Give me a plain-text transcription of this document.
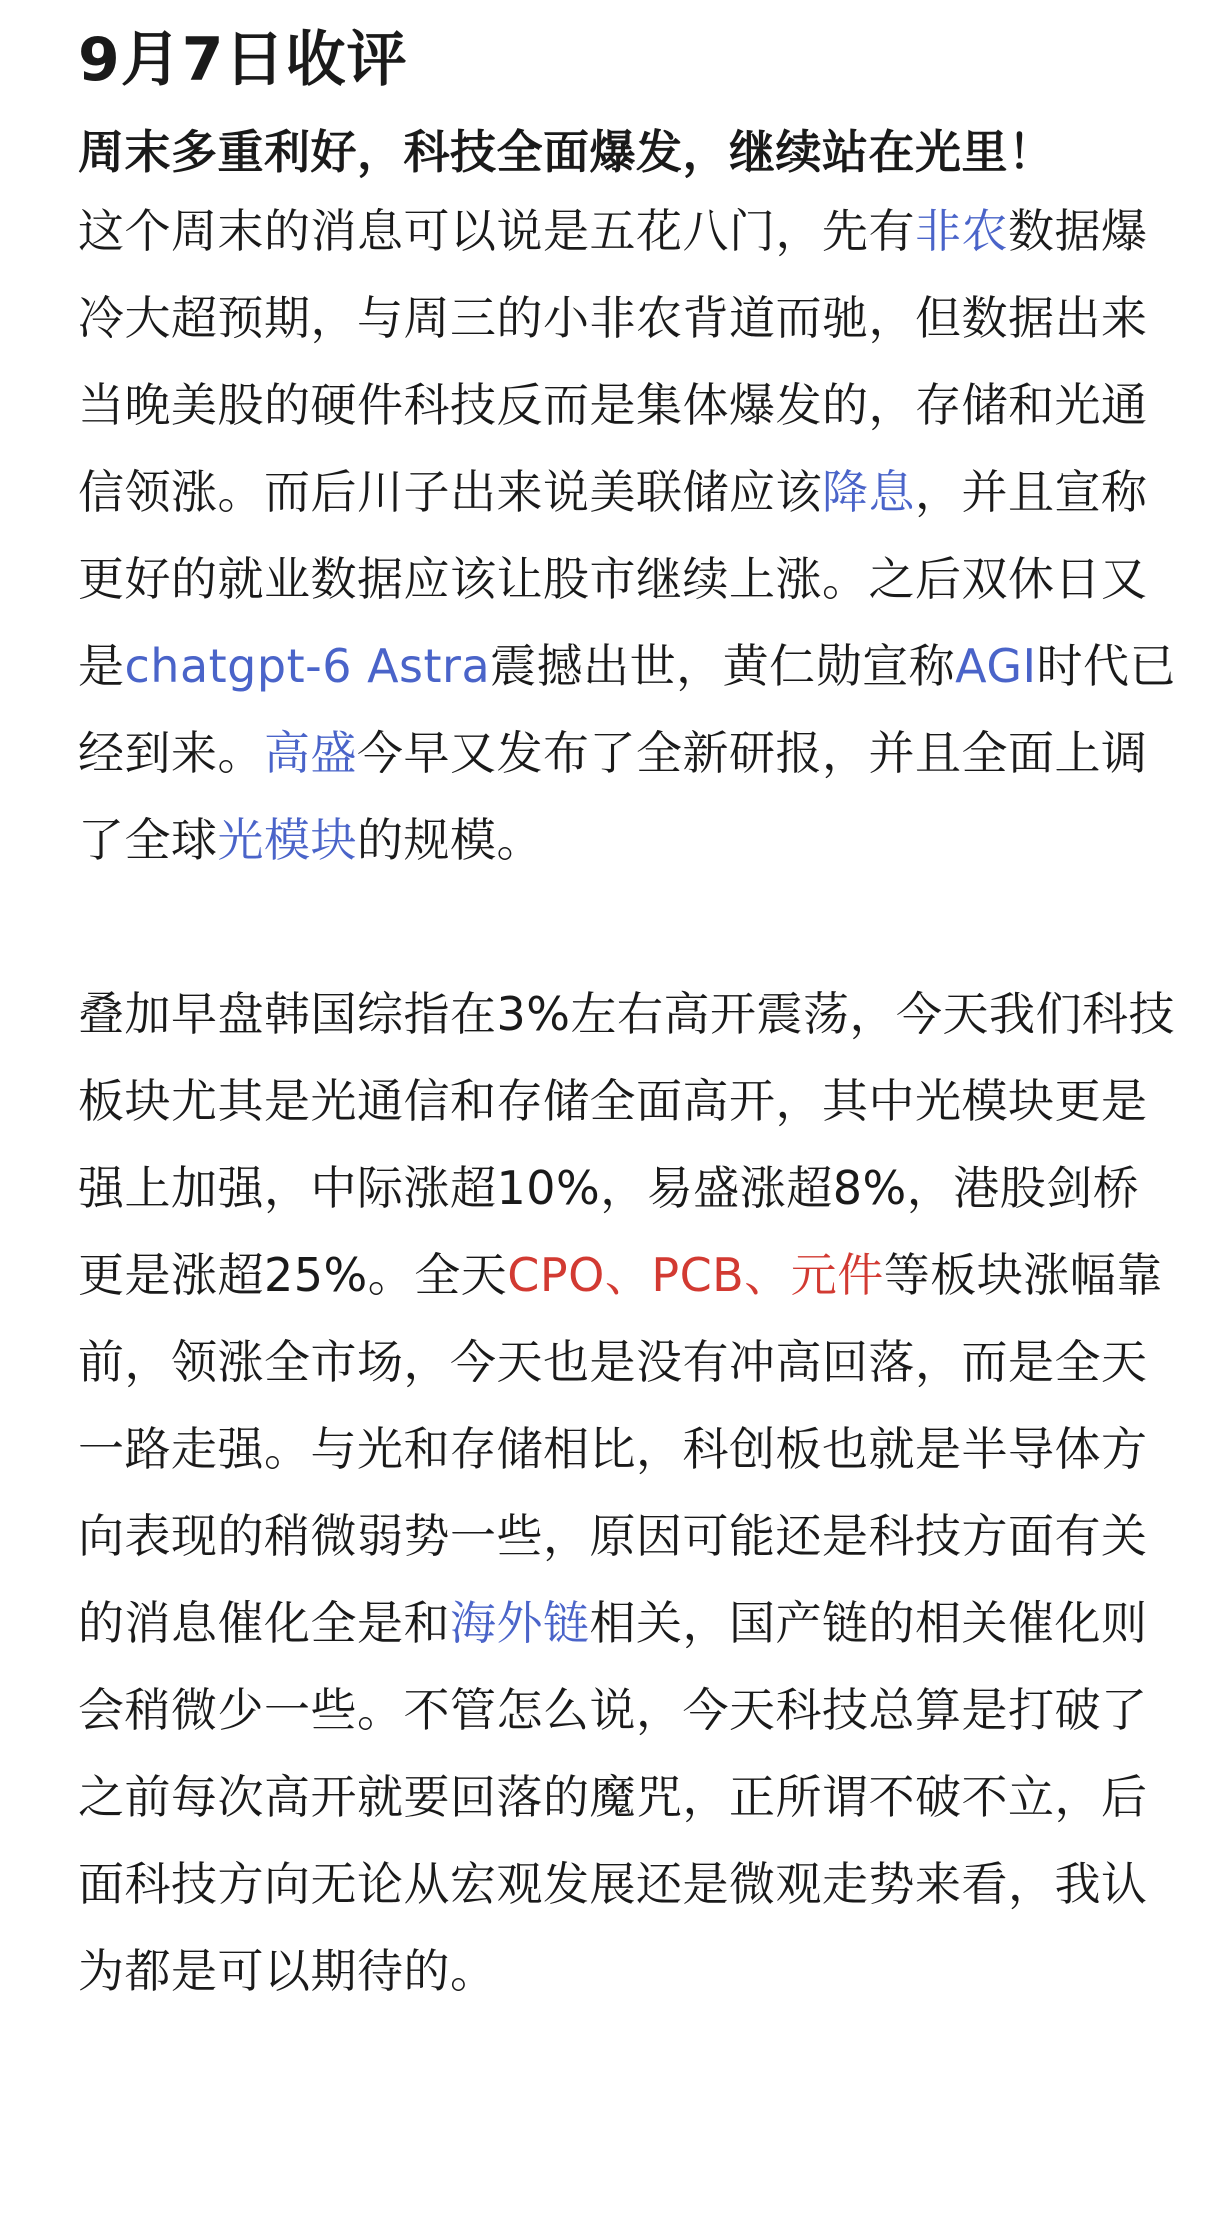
9月7日收评
周末多重利好，科技全面爆发，继续站在光里！

这个周末的消息可以说是五花八门，先有非农数据爆冷大超预期，与周三的小非农背道而驰，但数据出来当晚美股的硬件科技反而是集体爆发的，存储和光通信领涨。而后川子出来说美联储应该降息，并且宣称更好的就业数据应该让股市继续上涨。之后双休日又是chatgpt-6 Astra震撼出世，黄仁勋宣称AGI时代已经到来。高盛今早又发布了全新研报，并且全面上调了全球光模块的规模。

叠加早盘韩国综指在3%左右高开震荡，今天我们科技板块尤其是光通信和存储全面高开，其中光模块更是强上加强，中际涨超10%，易盛涨超8%，港股剑桥更是涨超25%。全天CPO、PCB、元件等板块涨幅靠前，领涨全市场，今天也是没有冲高回落，而是全天一路走强。与光和存储相比，科创板也就是半导体方向表现的稍微弱势一些，原因可能还是科技方面有关的消息催化全是和海外链相关，国产链的相关催化则会稍微少一些。不管怎么说，今天科技总算是打破了之前每次高开就要回落的魔咒，正所谓不破不立，后面科技方向无论从宏观发展还是微观走势来看，我认为都是可以期待的。
